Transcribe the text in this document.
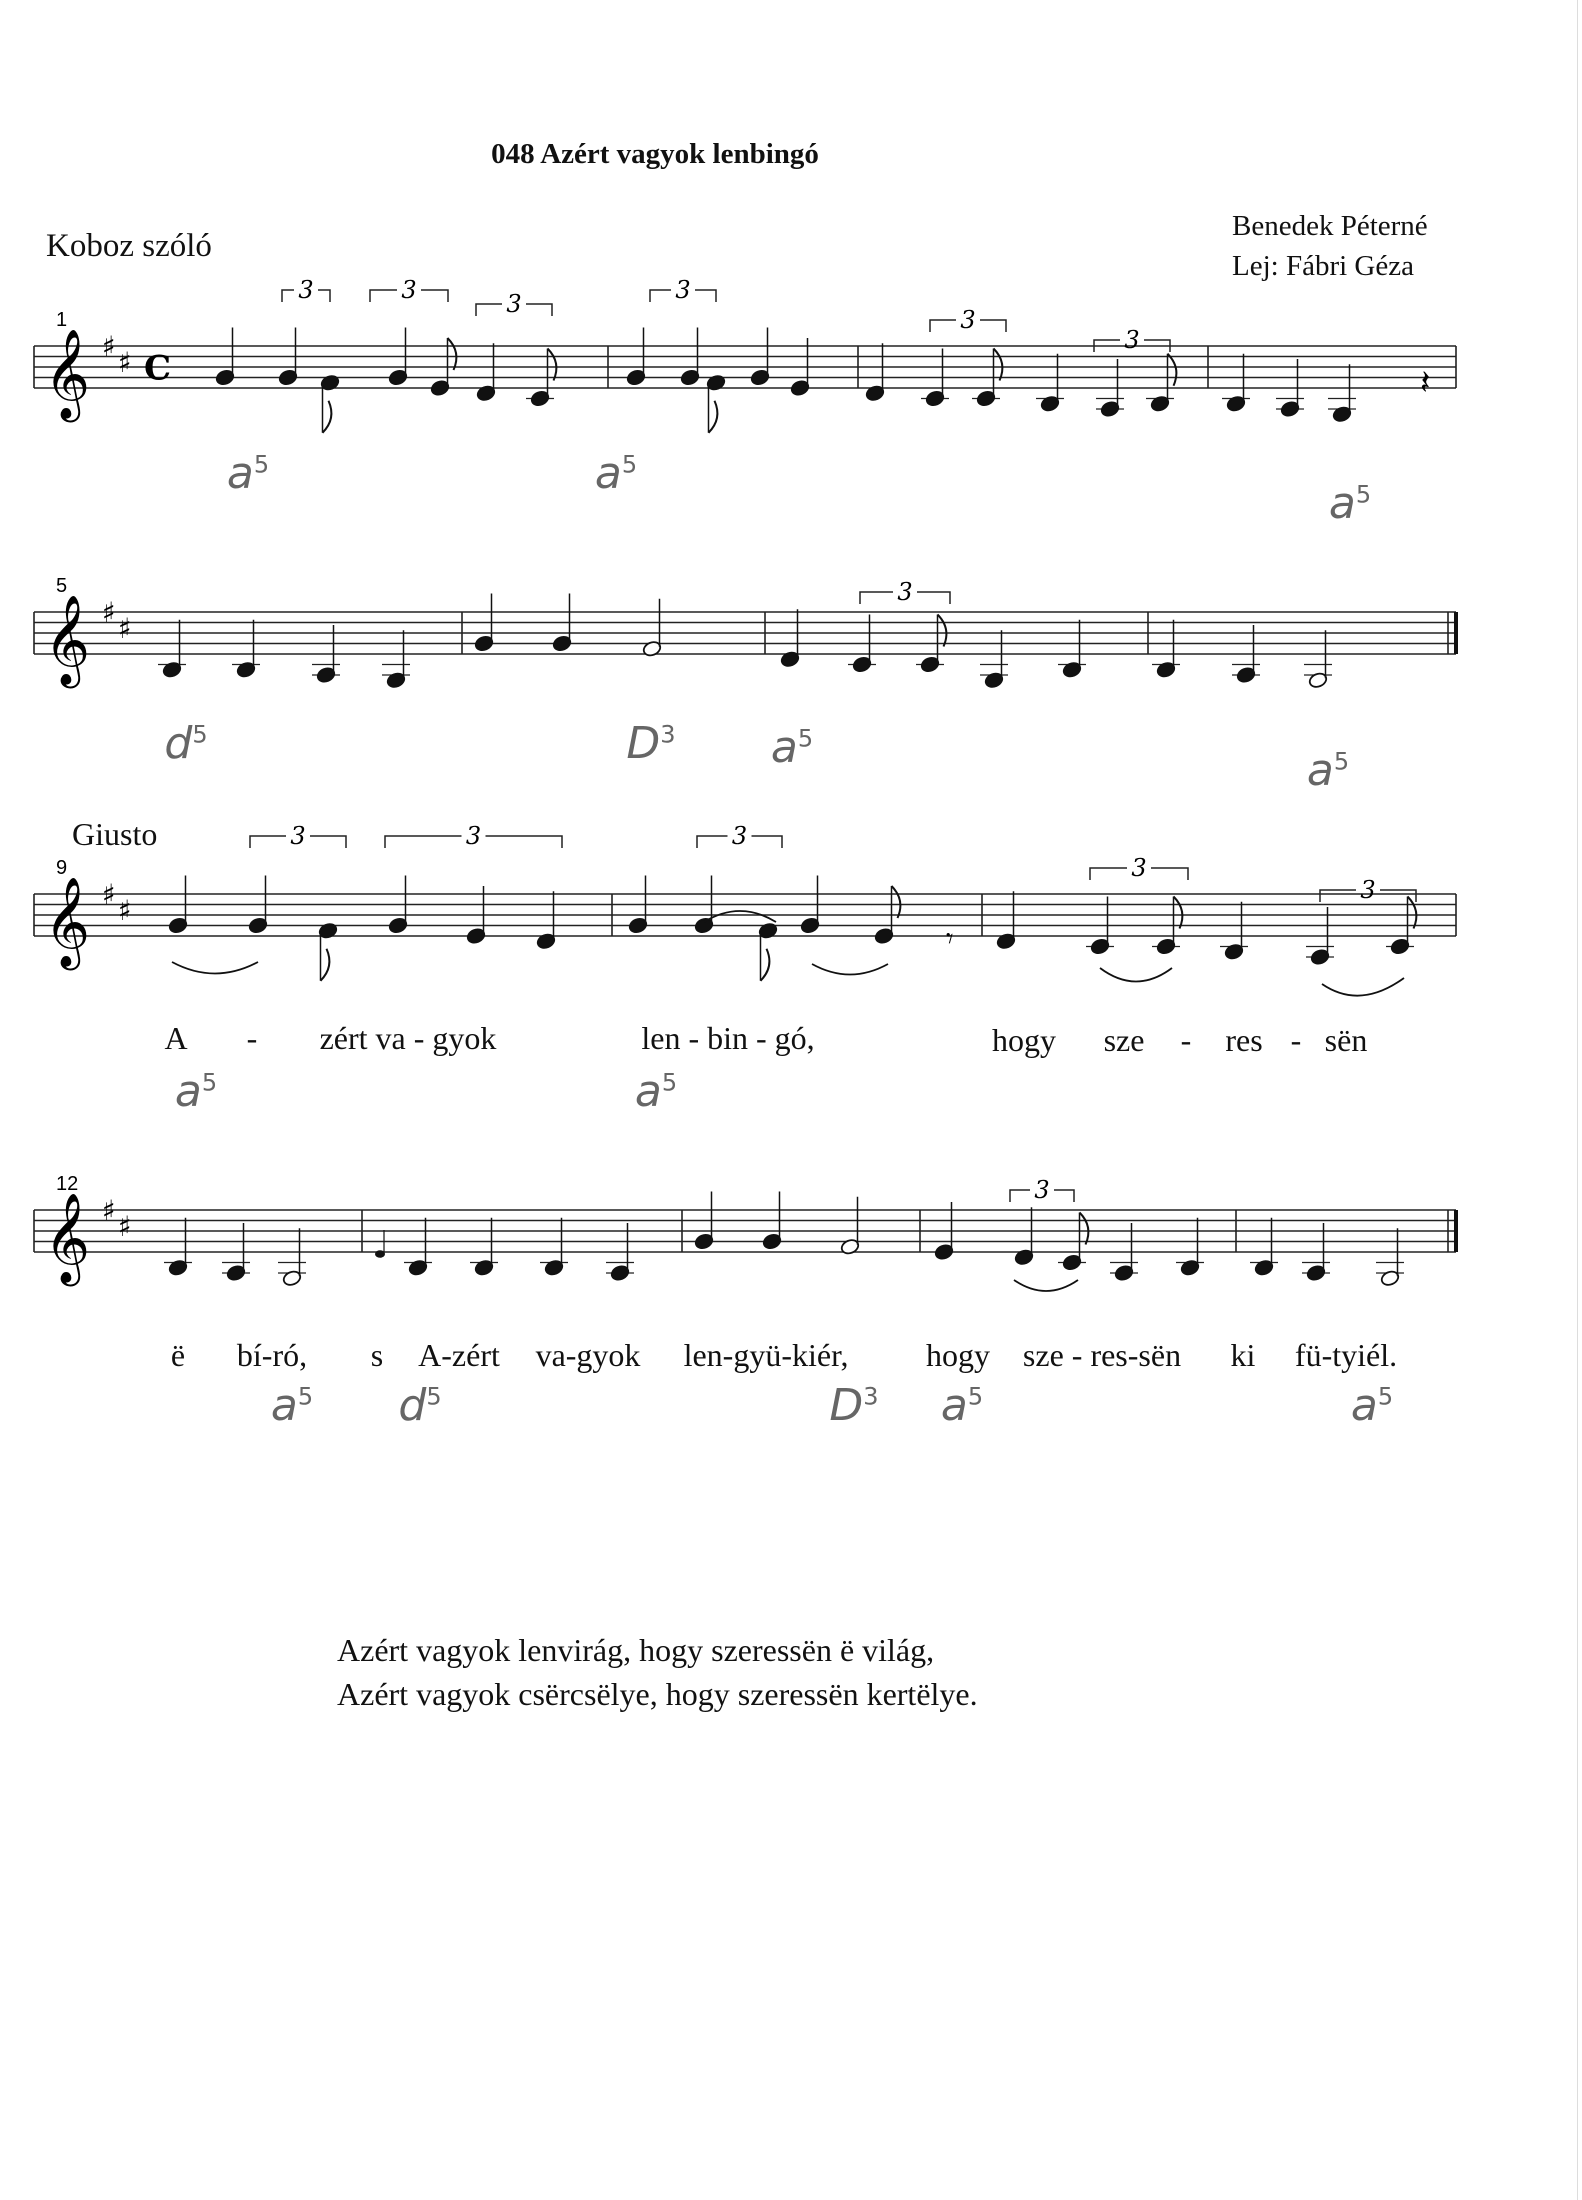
048 Azért vagyok lenbingó
Koboz szóló
Benedek Péterné
Lej: Fábri Géza
Giusto
𝄞 ♯ ♯ C
1
3	3	3	3
3
3
𝄞 ♯ ♯
5	3
𝄞 ♯ ♯
9
3	3	3
3
3
𝄞 ♯ ♯
12	3
𝄽
𝄾
A - zért va - gyok	len - bin - gó,	hogy sze - res - sën
ë bí-ró, s A-zért va-gyok len-gyü-kiér, hogy sze - res-sën ki fü-tyiél.
$a^5$	$a^5$
$a^5$
$d^5$	$D^3$ $a^5$
$a^5$
$a^5$	$a^5$
$a^5$ $d^5$	$D^3$ $a^5$	$a^5$
Azért vagyok lenvirág, hogy szeressën ë világ,
Azért vagyok csërcsëlye, hogy szeressën kertëlye.
